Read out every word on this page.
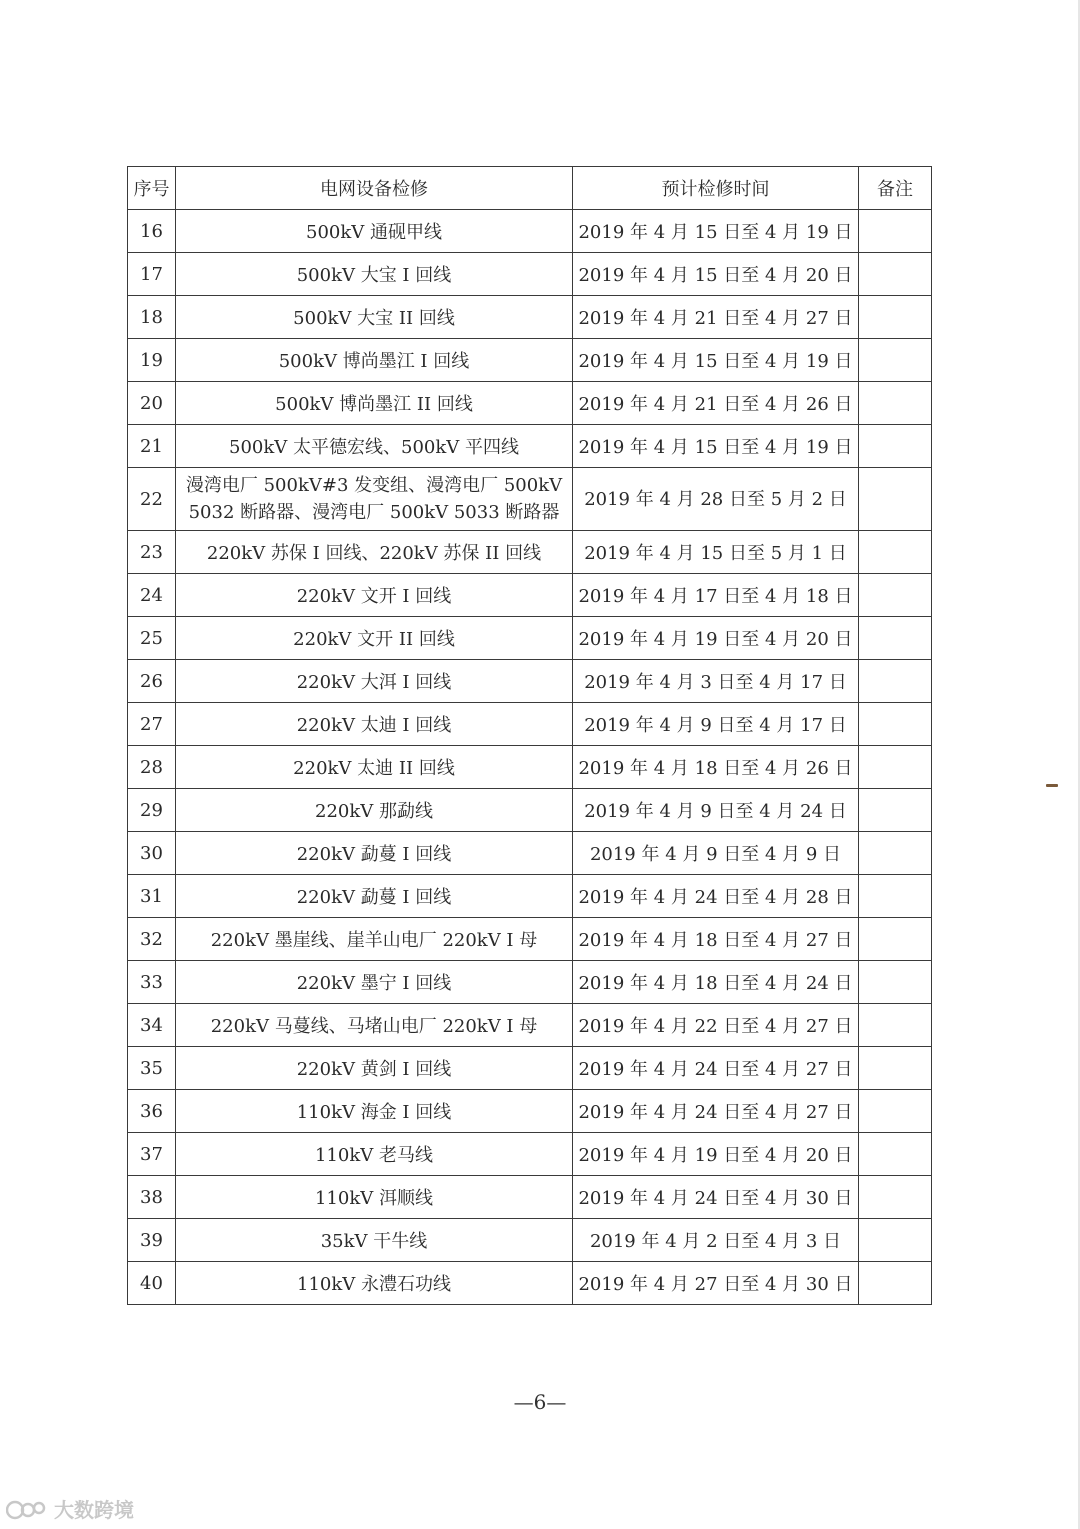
序号	电网设备检修	预计检修时间	备注
16	500kV 通砚甲线	2019 年 4 月 15 日至 4 月 19 日	
17	500kV 大宝 I 回线	2019 年 4 月 15 日至 4 月 20 日	
18	500kV 大宝 II 回线	2019 年 4 月 21 日至 4 月 27 日	
19	500kV 博尚墨江 I 回线	2019 年 4 月 15 日至 4 月 19 日	
20	500kV 博尚墨江 II 回线	2019 年 4 月 21 日至 4 月 26 日	
21	500kV 太平德宏线、500kV 平四线	2019 年 4 月 15 日至 4 月 19 日	
22	漫湾电厂 500kV#3 发变组、漫湾电厂 500kV
5032 断路器、漫湾电厂 500kV 5033 断路器	2019 年 4 月 28 日至 5 月 2 日	
23	220kV 苏保 I 回线、220kV 苏保 II 回线	2019 年 4 月 15 日至 5 月 1 日	
24	220kV 文开 I 回线	2019 年 4 月 17 日至 4 月 18 日	
25	220kV 文开 II 回线	2019 年 4 月 19 日至 4 月 20 日	
26	220kV 大洱 I 回线	2019 年 4 月 3 日至 4 月 17 日	
27	220kV 太迪 I 回线	2019 年 4 月 9 日至 4 月 17 日	
28	220kV 太迪 II 回线	2019 年 4 月 18 日至 4 月 26 日	
29	220kV 那勐线	2019 年 4 月 9 日至 4 月 24 日	
30	220kV 勐蔓 I 回线	2019 年 4 月 9 日至 4 月 9 日	
31	220kV 勐蔓 I 回线	2019 年 4 月 24 日至 4 月 28 日	
32	220kV 墨崖线、崖羊山电厂 220kV I 母	2019 年 4 月 18 日至 4 月 27 日	
33	220kV 墨宁 I 回线	2019 年 4 月 18 日至 4 月 24 日	
34	220kV 马蔓线、马堵山电厂 220kV I 母	2019 年 4 月 22 日至 4 月 27 日	
35	220kV 黄剑 I 回线	2019 年 4 月 24 日至 4 月 27 日	
36	110kV 海金 I 回线	2019 年 4 月 24 日至 4 月 27 日	
37	110kV 老马线	2019 年 4 月 19 日至 4 月 20 日	
38	110kV 洱顺线	2019 年 4 月 24 日至 4 月 30 日	
39	35kV 干牛线	2019 年 4 月 2 日至 4 月 3 日	
40	110kV 永澧石功线	2019 年 4 月 27 日至 4 月 30 日	
—6—
大数跨境
